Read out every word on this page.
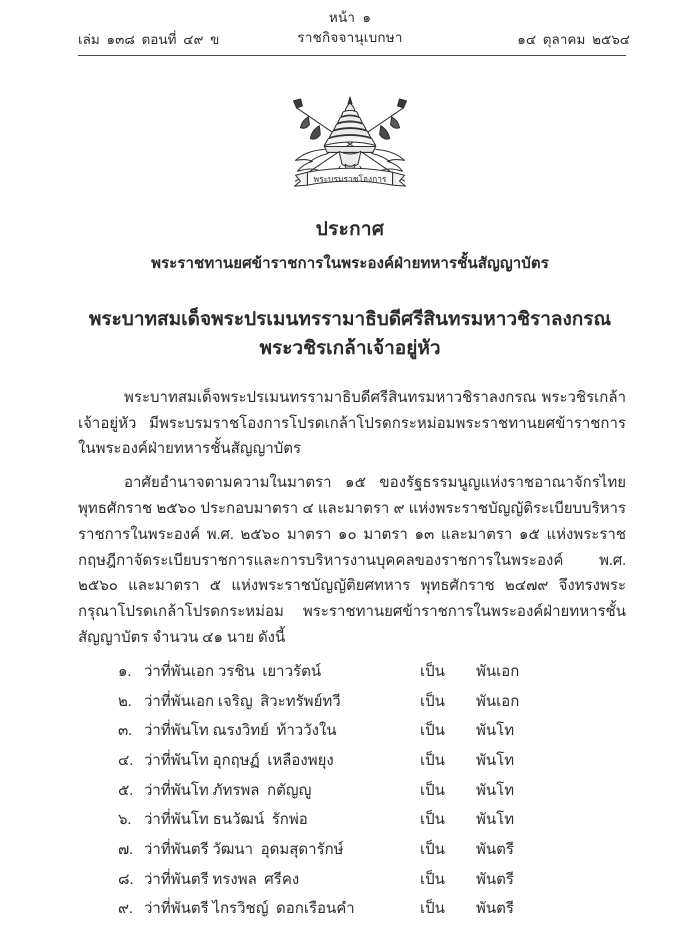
หน้า  ๑
ราชกิจจานุเบกษา
เล่ม  ๑๓๘  ตอนที่  ๔๙  ข	๑๔  ตุลาคม  ๒๕๖๔
พระบรมราชโองการ
ประกาศ
พระราชทานยศข้าราชการในพระองค์ฝ่ายทหารชั้นสัญญาบัตร
พระบาทสมเด็จพระปรเมนทรรามาธิบดีศรีสินทรมหาวชิราลงกรณ
พระวชิรเกล้าเจ้าอยู่หัว

พระบาทสมเด็จพระปรเมนทรรามาธิบดีศรีสินทรมหาวชิราลงกรณ พระวชิรเกล้าเจ้าอยู่หัว มีพระบรมราชโองการโปรดเกล้าโปรดกระหม่อมพระราชทานยศข้าราชการในพระองค์ฝ่ายทหารชั้นสัญญาบัตร

อาศัยอำนาจตามความในมาตรา ๑๕ ของรัฐธรรมนูญแห่งราชอาณาจักรไทย พุทธศักราช ๒๕๖๐ ประกอบมาตรา ๔ และมาตรา ๙ แห่งพระราชบัญญัติระเบียบบริหารราชการในพระองค์ พ.ศ. ๒๕๖๐ มาตรา ๑๐ มาตรา ๑๓ และมาตรา ๑๕ แห่งพระราชกฤษฎีกาจัดระเบียบราชการและการบริหารงานบุคคลของราชการในพระองค์ พ.ศ. ๒๕๖๐ และมาตรา ๕ แห่งพระราชบัญญัติยศทหาร พุทธศักราช ๒๔๗๙ จึงทรงพระกรุณาโปรดเกล้าโปรดกระหม่อม พระราชทานยศข้าราชการในพระองค์ฝ่ายทหารชั้นสัญญาบัตร จำนวน ๔๑ นาย ดังนี้

๑. ว่าที่พันเอก วรชิน  เยาวรัตน์	เป็น	พันเอก
๒. ว่าที่พันเอก เจริญ  สิวะทรัพย์ทวี	เป็น	พันเอก
๓. ว่าที่พันโท ณรงวิทย์  ท้าววังใน	เป็น	พันโท
๔. ว่าที่พันโท อุกฤษฏ์  เหลืองพยุง	เป็น	พันโท
๕. ว่าที่พันโท ภัทรพล  กตัญญู	เป็น	พันโท
๖. ว่าที่พันโท ธนวัฒน์  รักพ่อ	เป็น	พันโท
๗. ว่าที่พันตรี วัฒนา  อุดมสุดารักษ์	เป็น	พันตรี
๘. ว่าที่พันตรี ทรงพล  ศรีคง	เป็น	พันตรี
๙. ว่าที่พันตรี ไกรวิชญ์  ดอกเรือนคำ	เป็น	พันตรี
